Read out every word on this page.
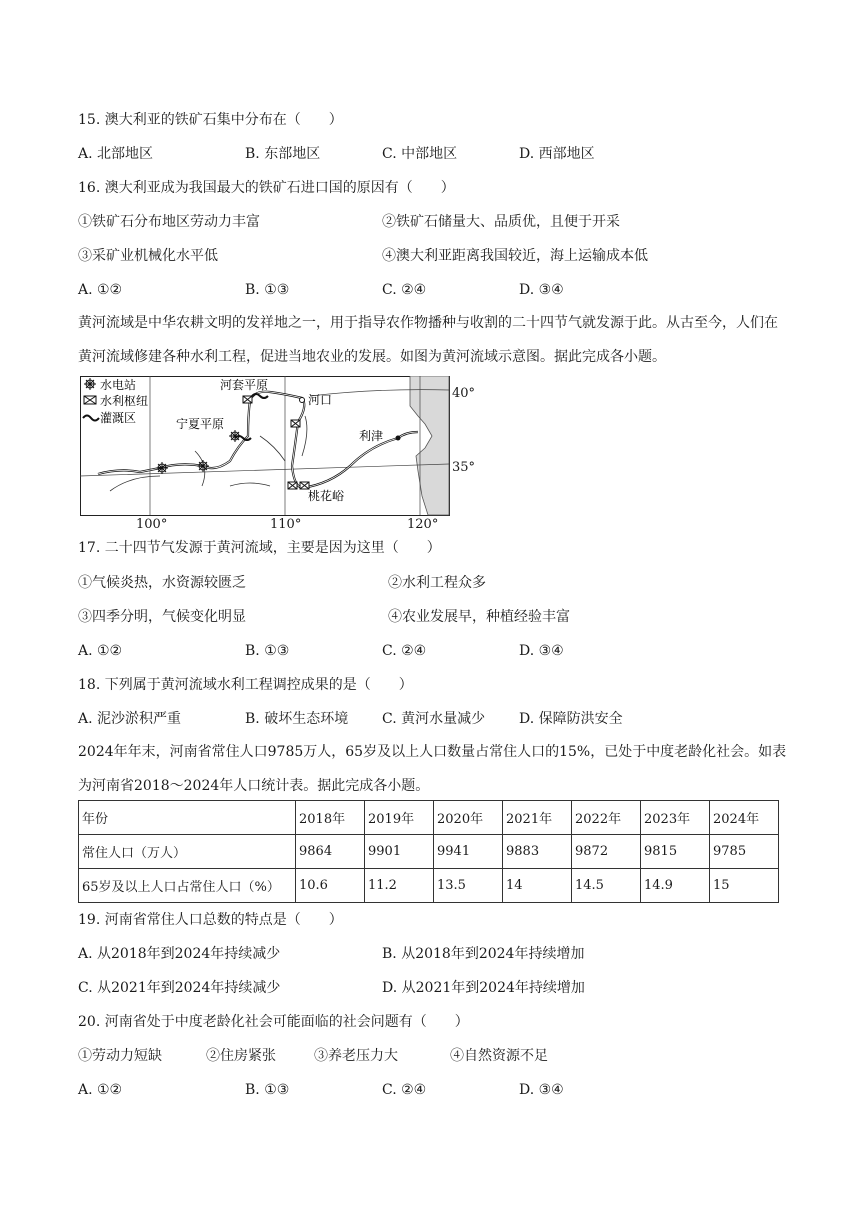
15. 澳大利亚的铁矿石集中分布在（　　）
A. 北部地区	B. 东部地区	C. 中部地区	D. 西部地区
16. 澳大利亚成为我国最大的铁矿石进口国的原因有（　　）
①铁矿石分布地区劳动力丰富	②铁矿石储量大、品质优，且便于开采
③采矿业机械化水平低	④澳大利亚距离我国较近，海上运输成本低
A. ①②	B. ①③	C. ②④	D. ③④
黄河流域是中华农耕文明的发祥地之一，用于指导农作物播种与收割的二十四节气就发源于此。从古至今，人们在黄河流域修建各种水利工程，促进当地农业的发展。如图为黄河流域示意图。据此完成各小题。
水电站
水利枢纽
灌溉区
河套平原
河口
宁夏平原
利津
桃花峪
40°
35°
100°	110°	120°
17. 二十四节气发源于黄河流域，主要是因为这里（　　）
①气候炎热，水资源较匮乏	②水利工程众多
③四季分明，气候变化明显	④农业发展早，种植经验丰富
A. ①②	B. ①③	C. ②④	D. ③④
18. 下列属于黄河流域水利工程调控成果的是（　　）
A. 泥沙淤积严重	B. 破坏生态环境 C. 黄河水量减少 D. 保障防洪安全
2024年年末，河南省常住人口9785万人，65岁及以上人口数量占常住人口的15%，已处于中度老龄化社会。如表为河南省2018～2024年人口统计表。据此完成各小题。
年份	2018年	2019年	2020年	2021年	2022年	2023年	2024年
常住人口（万人）	9864	9901	9941	9883	9872	9815	9785
65岁及以上人口占常住人口（%）	10.6	11.2	13.5	14	14.5	14.9	15
19. 河南省常住人口总数的特点是（　　）
A. 从2018年到2024年持续减少	B. 从2018年到2024年持续增加
C. 从2021年到2024年持续减少	D. 从2021年到2024年持续增加
20. 河南省处于中度老龄化社会可能面临的社会问题有（　　）
①劳动力短缺	②住房紧张	③养老压力大	④自然资源不足
A. ①②	B. ①③	C. ②④	D. ③④
